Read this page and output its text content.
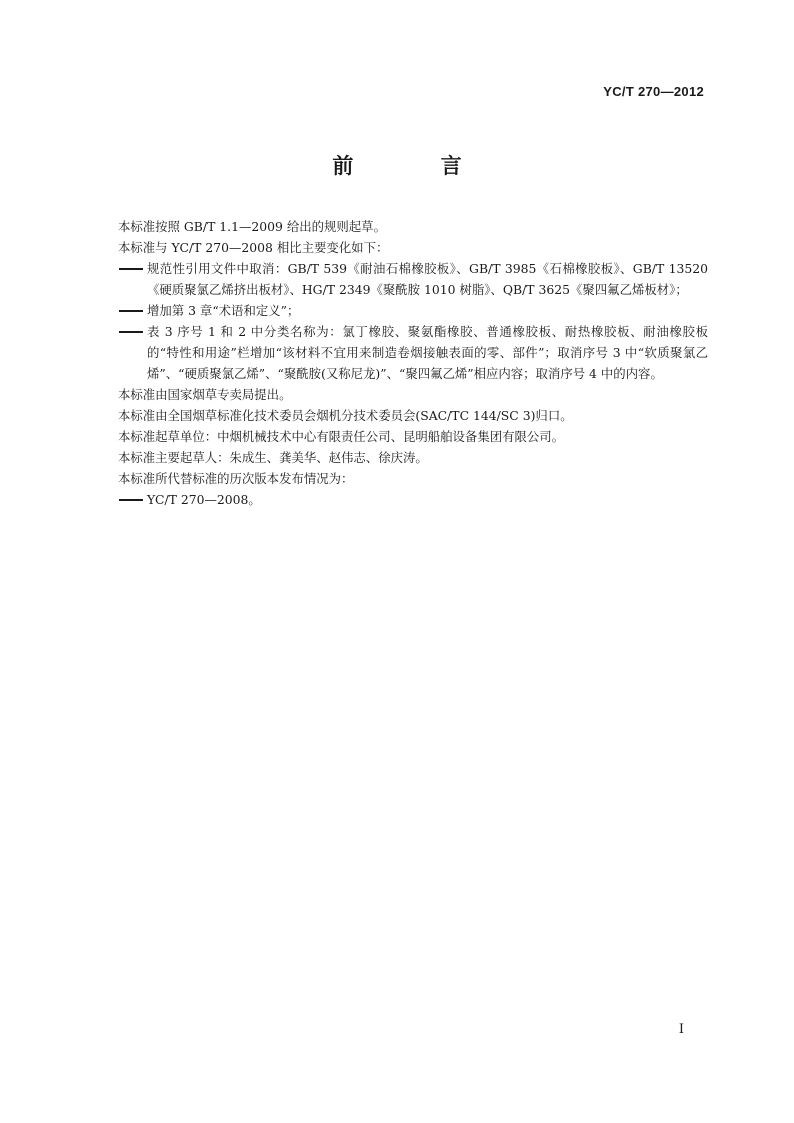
YC/T 270—2012
前 言

本标准按照 GB/T 1.1—2009 给出的规则起草。

本标准与 YC/T 270—2008 相比主要变化如下：

规范性引用文件中取消：GB/T 539《耐油石棉橡胶板》、GB/T 3985《石棉橡胶板》、GB/T 13520《硬质聚氯乙烯挤出板材》、HG/T 2349《聚酰胺 1010 树脂》、QB/T 3625《聚四氟乙烯板材》；
增加第 3 章“术语和定义”；
表 3 序号 1 和 2 中分类名称为：氯丁橡胶、聚氨酯橡胶、普通橡胶板、耐热橡胶板、耐油橡胶板的“特性和用途”栏增加“该材料不宜用来制造卷烟接触表面的零、部件”；取消序号 3 中“软质聚氯乙烯”、“硬质聚氯乙烯”、“聚酰胺(又称尼龙)”、“聚四氟乙烯”相应内容；取消序号 4 中的内容。

本标准由国家烟草专卖局提出。

本标准由全国烟草标准化技术委员会烟机分技术委员会(SAC/TC 144/SC 3)归口。

本标准起草单位：中烟机械技术中心有限责任公司、昆明船舶设备集团有限公司。

本标准主要起草人：朱成生、龚美华、赵伟志、徐庆涛。

本标准所代替标准的历次版本发布情况为：

YC/T 270—2008。
I
